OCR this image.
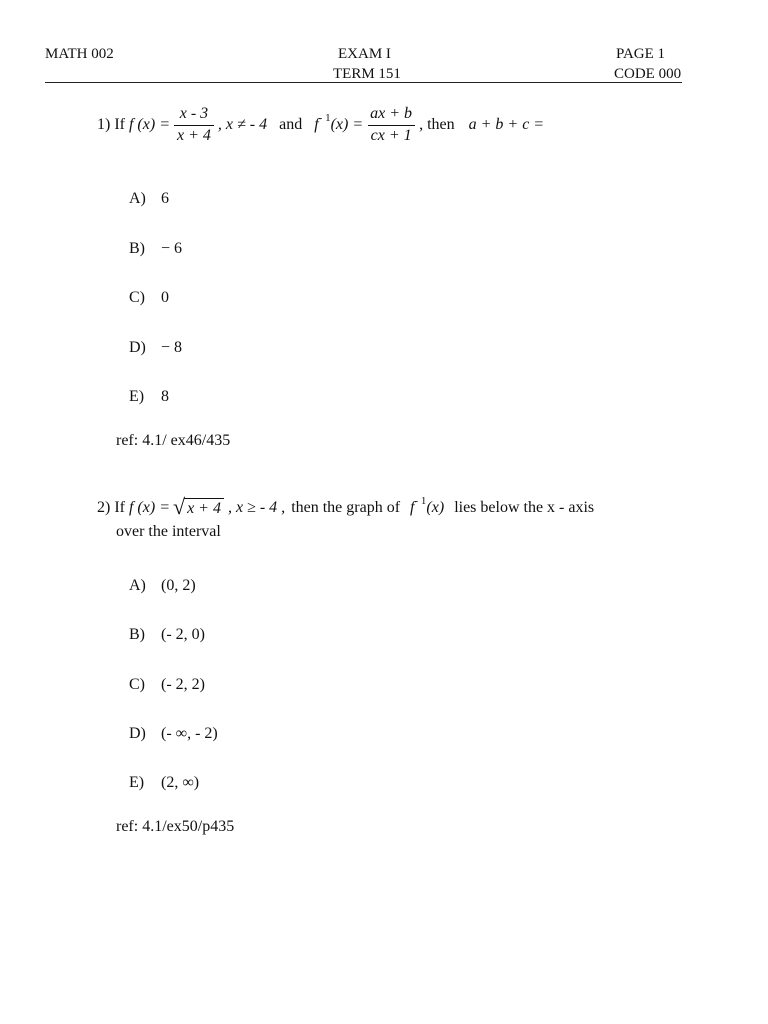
MATH 002	EXAM I
TERM 151
PAGE 1
CODE 000
1)
If
f $(x) = \frac{x - 3}{x + 4}$ , x ≠ - 4 and f - 1 $(x) = \frac{ax + b}{cx + 1}$ , then a + b + c =
A) 6
B) − 6
C) 0
D) − 8
E) 8
ref: 4.1/ ex46/435
2)
If
f (x) = √ x + 4 , x ≥ - 4 , then the graph of f - 1 (x) lies below the x - axis
over the interval
A) (0, 2)
B) (- 2, 0)
C) (- 2, 2)
D) (- ∞, - 2)
E) (2, ∞)
ref: 4.1/ex50/p435
